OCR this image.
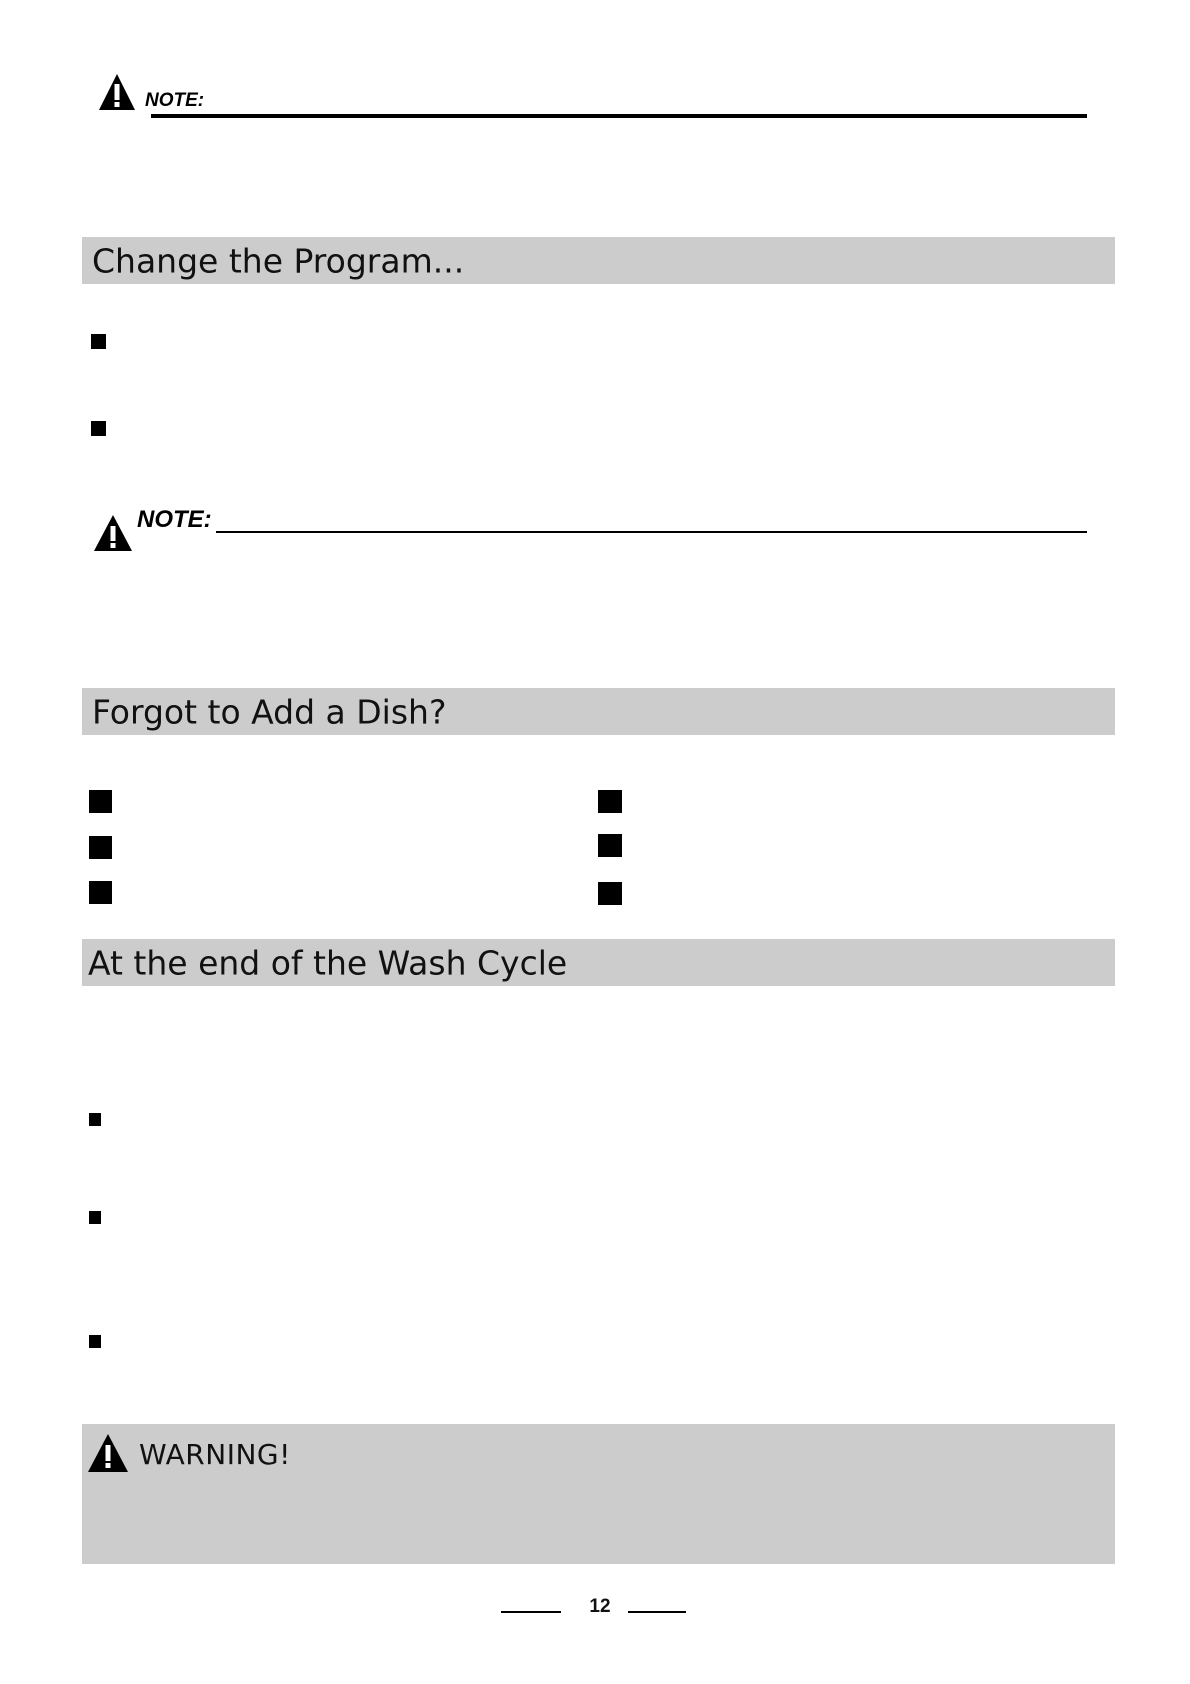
NOTE:
Change the Program...
NOTE:
Forgot to Add a Dish?
At the end of the Wash Cycle
WARNING!
12
